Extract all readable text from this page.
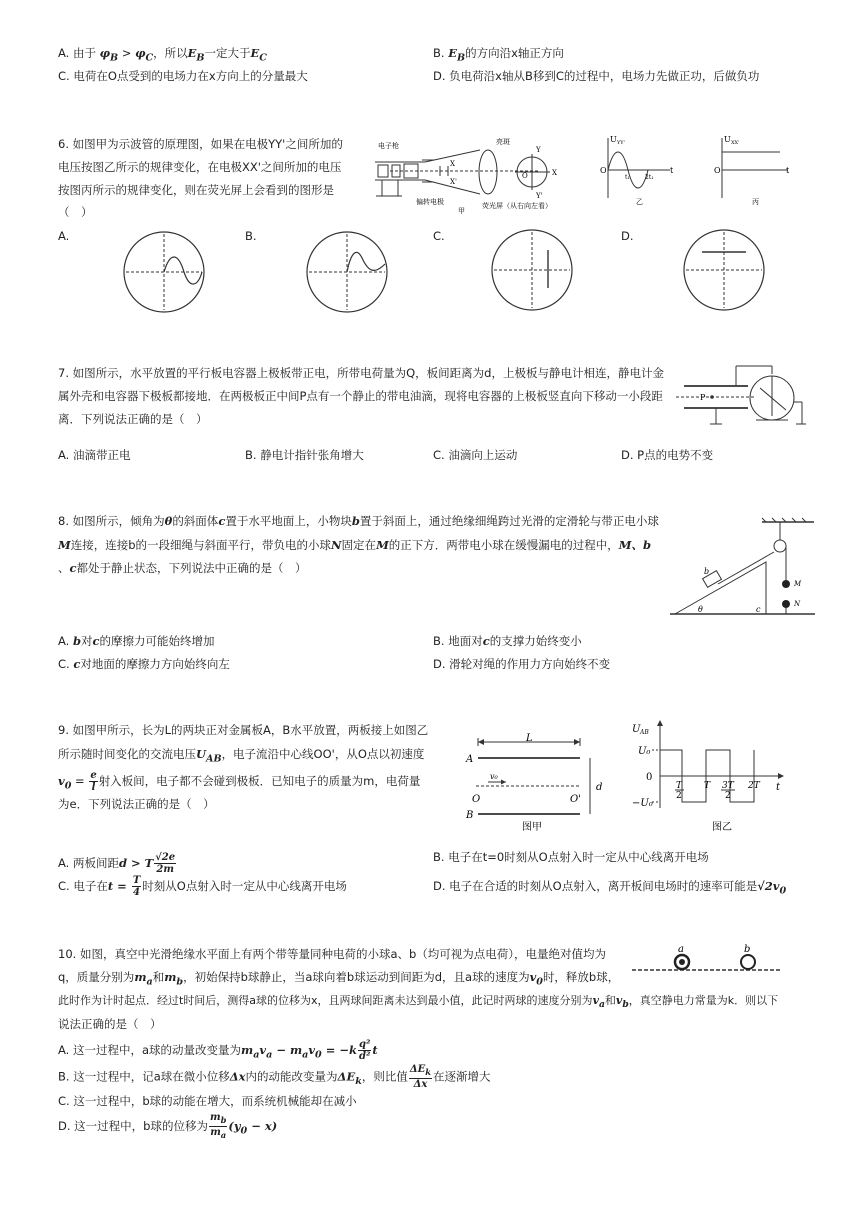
A. 由于 $\varphi_B > \varphi_C$，所以$E_B$一定大于$E_C$	B. $E_B$的方向沿x轴正方向
C. 电荷在O点受到的电场力在x方向上的分量最大	D. 负电荷沿x轴从B移到C的过程中，电场力先做正功，后做负功
6. 如图甲为示波管的原理图，如果在电极YY'之间所加的
电压按图乙所示的规律变化，在电极XX'之间所加的电压
按图丙所示的规律变化，则在荧光屏上会看到的图形是
（　）
电子枪
偏转电极
亮斑
荧光屏（从右向左看）
X
X'
Y
Y'
X
O
甲
U YY'
O	t
t₁	2t₁
乙
U XX'
O	t
丙
A.	B.	C.	D.
7. 如图所示，水平放置的平行板电容器上极板带正电，所带电荷量为Q，板间距离为d，上极板与静电计相连，静电计金
属外壳和电容器下极板都接地．在两极板正中间P点有一个静止的带电油滴，现将电容器的上极板竖直向下移动一小段距
离．下列说法正确的是（　）
P
A. 油滴带正电	B. 静电计指针张角增大	C. 油滴向上运动	D. P点的电势不变
8. 如图所示，倾角为θ的斜面体c置于水平地面上，小物块b置于斜面上，通过绝缘细绳跨过光滑的定滑轮与带正电小球
M连接，连接b的一段细绳与斜面平行，带负电的小球N固定在M的正下方．两带电小球在缓慢漏电的过程中，M、b
、c都处于静止状态，下列说法中正确的是（　）	b
c
θ
M
N
A. b对c的摩擦力可能始终增加	B. 地面对c的支撑力始终变小
C. c对地面的摩擦力方向始终向左	D. 滑轮对绳的作用力方向始终不变
9. 如图甲所示，长为L的两块正对金属板A，B水平放置，两板接上如图乙
所示随时间变化的交流电压$U_{AB}$，电子流沿中心线OO'，从O点以初速度
$v_0 = \frac{e}{l}$ 射入板间，电子都不会碰到极板．已知电子的质量为m，电荷量
为e．下列说法正确的是（　）
L
A
B
O	O'
d
v₀
图甲
U AB
U₀
−U₀
0
T
2
T 3T
2
2T t
图乙
A. 两板间距d > T $\frac{√2e}{2m}$	B. 电子在t=0时刻从O点射入时一定从中心线离开电场
C. 电子在$t = \frac{T}{4}$ 时刻从O点射入时一定从中心线离开电场	D. 电子在合适的时刻从O点射入，离开板间电场时的速率可能是$√2v_0$
10. 如图，真空中光滑绝缘水平面上有两个带等量同种电荷的小球a、b（均可视为点电荷），电量绝对值均为
q，质量分别为$m_a$和$m_b$，初始保持b球静止，当a球向着b球运动到间距为d，且a球的速度为$v_0$时，释放b球，
此时作为计时起点．经过t时间后，测得a球的位移为x，且两球间距离未达到最小值，此记时两球的速度分别为$v_a$和$v_b$，真空静电力常量为k．则以下
说法正确的是（　）
a	b
A. 这一过程中，a球的动量改变量为$m_av_a - m_av_0 = -k \frac{\text{q²}}{\text{d²}}$ t
B. 这一过程中，记a球在微小位移Δx内的动能改变量为$\Delta E_k$，则比值 $\Delta E_k$
Δx
在逐渐增大
C. 这一过程中，b球的动能在增大，而系统机械能却在减小
D. 这一过程中，b球的位移为 $\frac{m_b}{m_a} (y_0 - x)$
